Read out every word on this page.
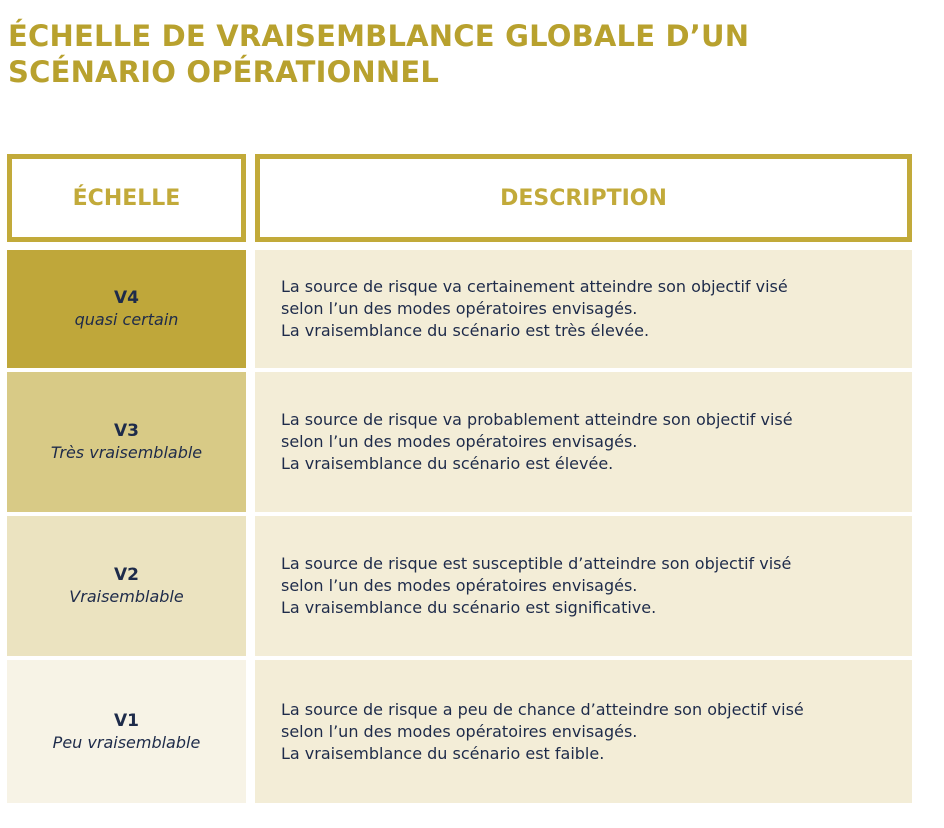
ÉCHELLE DE VRAISEMBLANCE GLOBALE D’UN
SCÉNARIO OPÉRATIONNEL
ÉCHELLE	DESCRIPTION
V4
quasi certain
La source de risque va certainement atteindre son objectif visé
selon l’un des modes opératoires envisagés.
La vraisemblance du scénario est très élevée.
V3
Très vraisemblable
La source de risque va probablement atteindre son objectif visé
selon l’un des modes opératoires envisagés.
La vraisemblance du scénario est élevée.
V2
Vraisemblable
La source de risque est susceptible d’atteindre son objectif visé
selon l’un des modes opératoires envisagés.
La vraisemblance du scénario est significative.
V1
Peu vraisemblable
La source de risque a peu de chance d’atteindre son objectif visé
selon l’un des modes opératoires envisagés.
La vraisemblance du scénario est faible.
